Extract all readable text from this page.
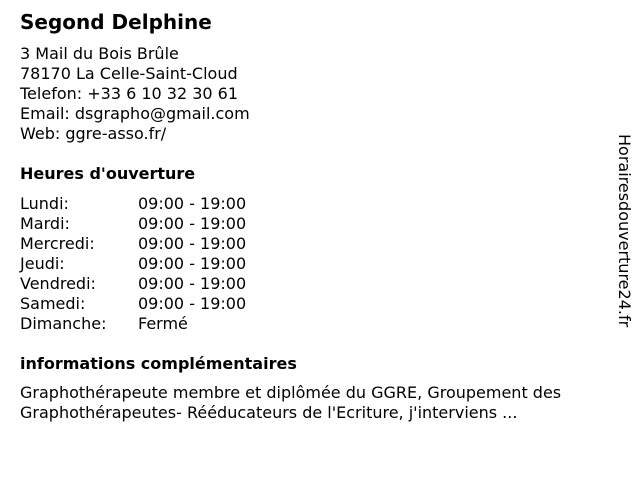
Segond Delphine
3 Mail du Bois Brûle
78170 La Celle-Saint-Cloud
Telefon: +33 6 10 32 30 61
Email: dsgrapho@gmail.com
Web: ggre-asso.fr/
Heures d'ouverture
Lundi:	09:00 - 19:00
Mardi:	09:00 - 19:00
Mercredi:	09:00 - 19:00
Jeudi:	09:00 - 19:00
Vendredi:	09:00 - 19:00
Samedi:	09:00 - 19:00
Dimanche:	Fermé
informations complémentaires
Graphothérapeute membre et diplômée du GGRE, Groupement des
Graphothérapeutes- Rééducateurs de l'Ecriture, j'interviens ...
Horairesdouverture24.fr
